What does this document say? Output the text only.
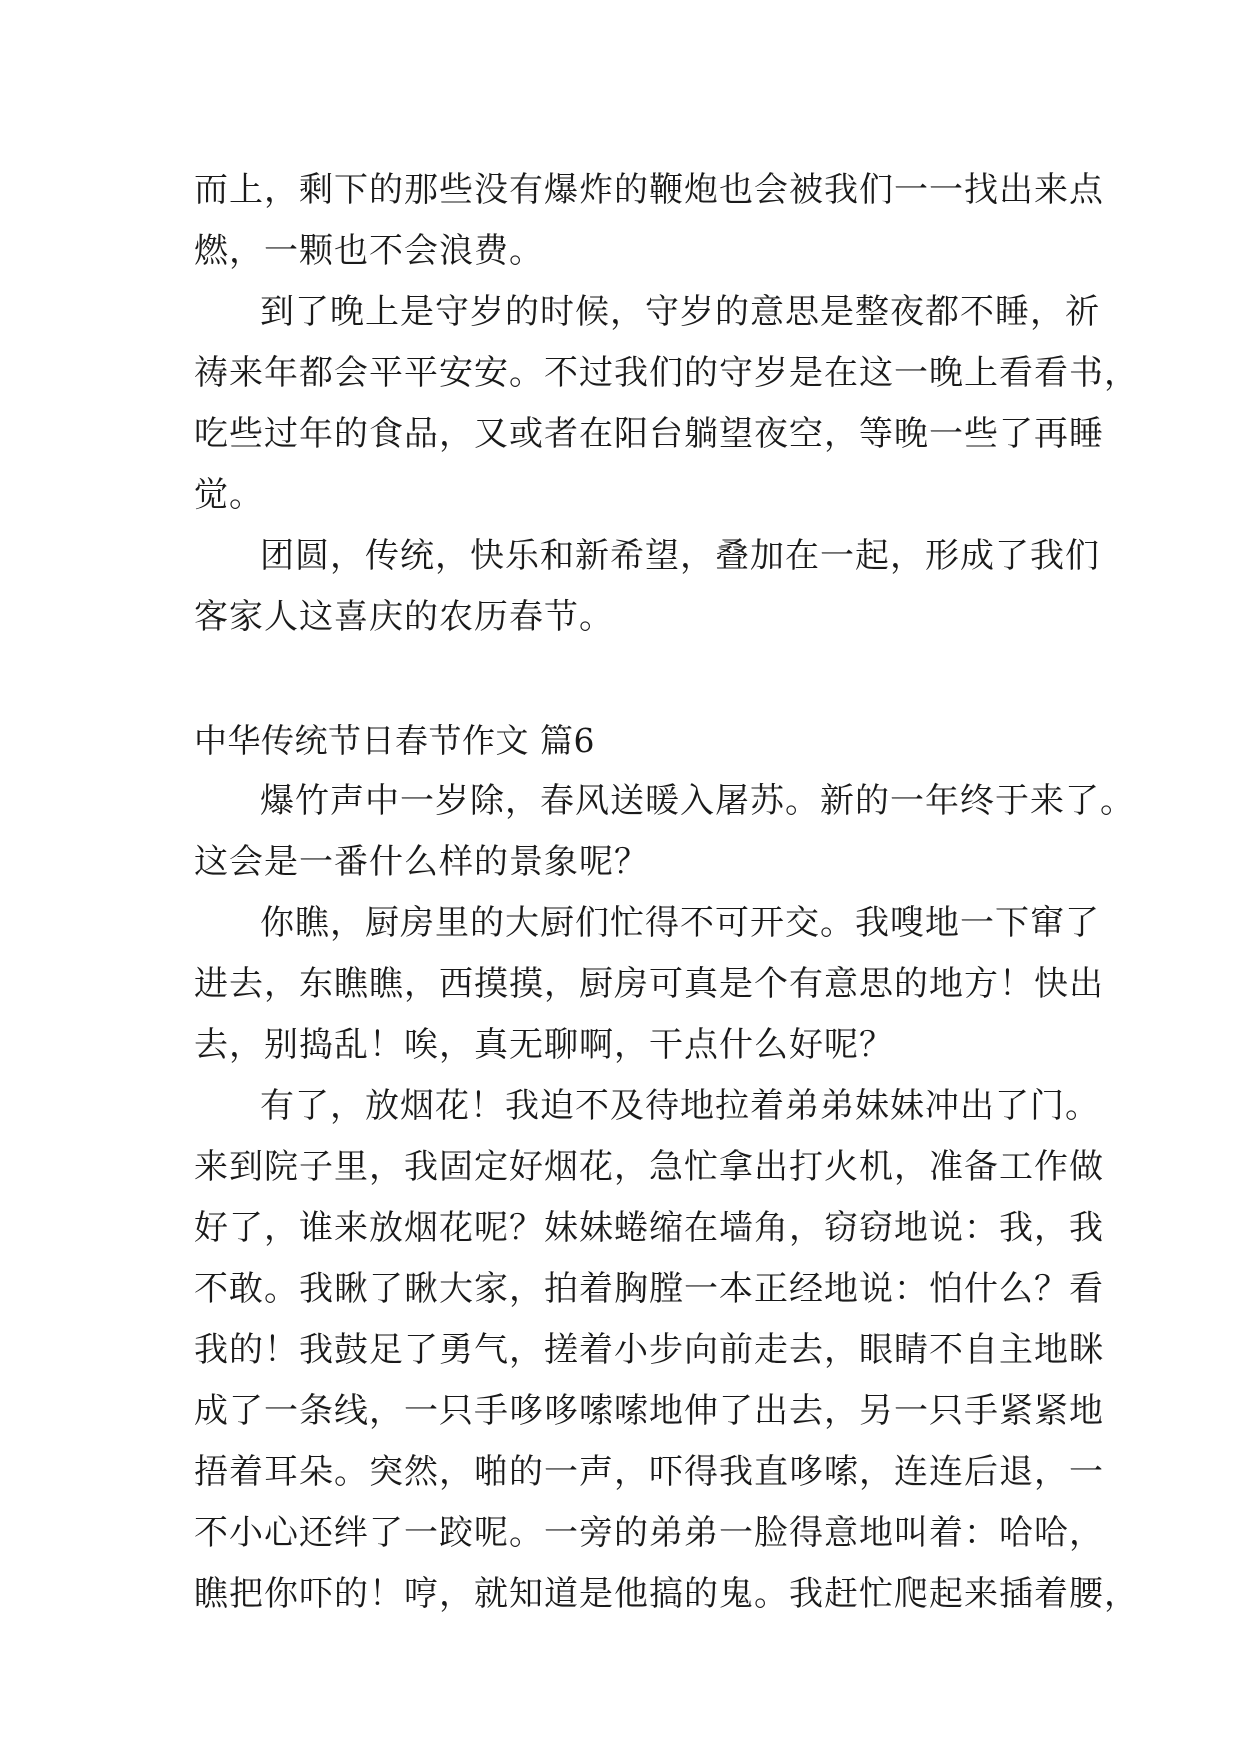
而上，剩下的那些没有爆炸的鞭炮也会被我们一一找出来点
燃，一颗也不会浪费。
到了晚上是守岁的时候，守岁的意思是整夜都不睡，祈
祷来年都会平平安安。不过我们的守岁是在这一晚上看看书，
吃些过年的食品，又或者在阳台躺望夜空，等晚一些了再睡
觉。
团圆，传统，快乐和新希望，叠加在一起，形成了我们
客家人这喜庆的农历春节。
中华传统节日春节作文 篇6
爆竹声中一岁除，春风送暖入屠苏。新的一年终于来了。
这会是一番什么样的景象呢？
你瞧，厨房里的大厨们忙得不可开交。我嗖地一下窜了
进去，东瞧瞧，西摸摸，厨房可真是个有意思的地方！快出
去，别捣乱！唉，真无聊啊，干点什么好呢？
有了，放烟花！我迫不及待地拉着弟弟妹妹冲出了门。
来到院子里，我固定好烟花，急忙拿出打火机，准备工作做
好了，谁来放烟花呢？妹妹蜷缩在墙角，窃窃地说：我，我
不敢。我瞅了瞅大家，拍着胸膛一本正经地说：怕什么？看
我的！我鼓足了勇气，搓着小步向前走去，眼睛不自主地眯
成了一条线，一只手哆哆嗦嗦地伸了出去，另一只手紧紧地
捂着耳朵。突然，啪的一声，吓得我直哆嗦，连连后退，一
不小心还绊了一跤呢。一旁的弟弟一脸得意地叫着：哈哈，
瞧把你吓的！哼，就知道是他搞的鬼。我赶忙爬起来插着腰，
